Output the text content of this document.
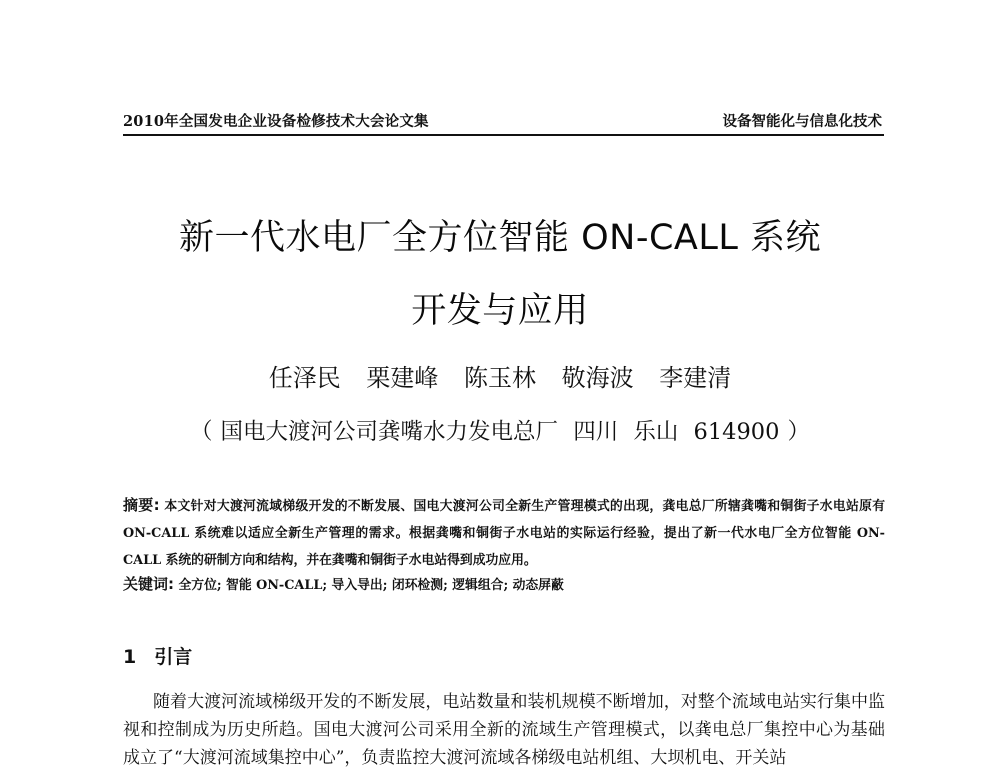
2010年全国发电企业设备检修技术大会论文集	设备智能化与信息化技术
新一代水电厂全方位智能 ON-CALL 系统
开发与应用
任泽民 栗建峰 陈玉林 敬海波 李建清
（ 国电大渡河公司龚嘴水力发电总厂 四川 乐山 614900 ）
摘要: 本文针对大渡河流域梯级开发的不断发展、国电大渡河公司全新生产管理模式的出现，龚电总厂所辖龚嘴和铜街子水电站原有 ON-CALL 系统难以适应全新生产管理的需求。根据龚嘴和铜街子水电站的实际运行经验，提出了新一代水电厂全方位智能 ON-CALL 系统的研制方向和结构，并在龚嘴和铜街子水电站得到成功应用。
关键词: 全方位; 智能 ON-CALL; 导入导出; 闭环检测; 逻辑组合; 动态屏蔽
1 引言
随着大渡河流域梯级开发的不断发展，电站数量和装机规模不断增加，对整个流域电站实行集中监视和控制成为历史所趋。国电大渡河公司采用全新的流域生产管理模式，以龚电总厂集控中心为基础成立了“大渡河流域集控中心”，负责监控大渡河流域各梯级电站机组、大坝机电、开关站
